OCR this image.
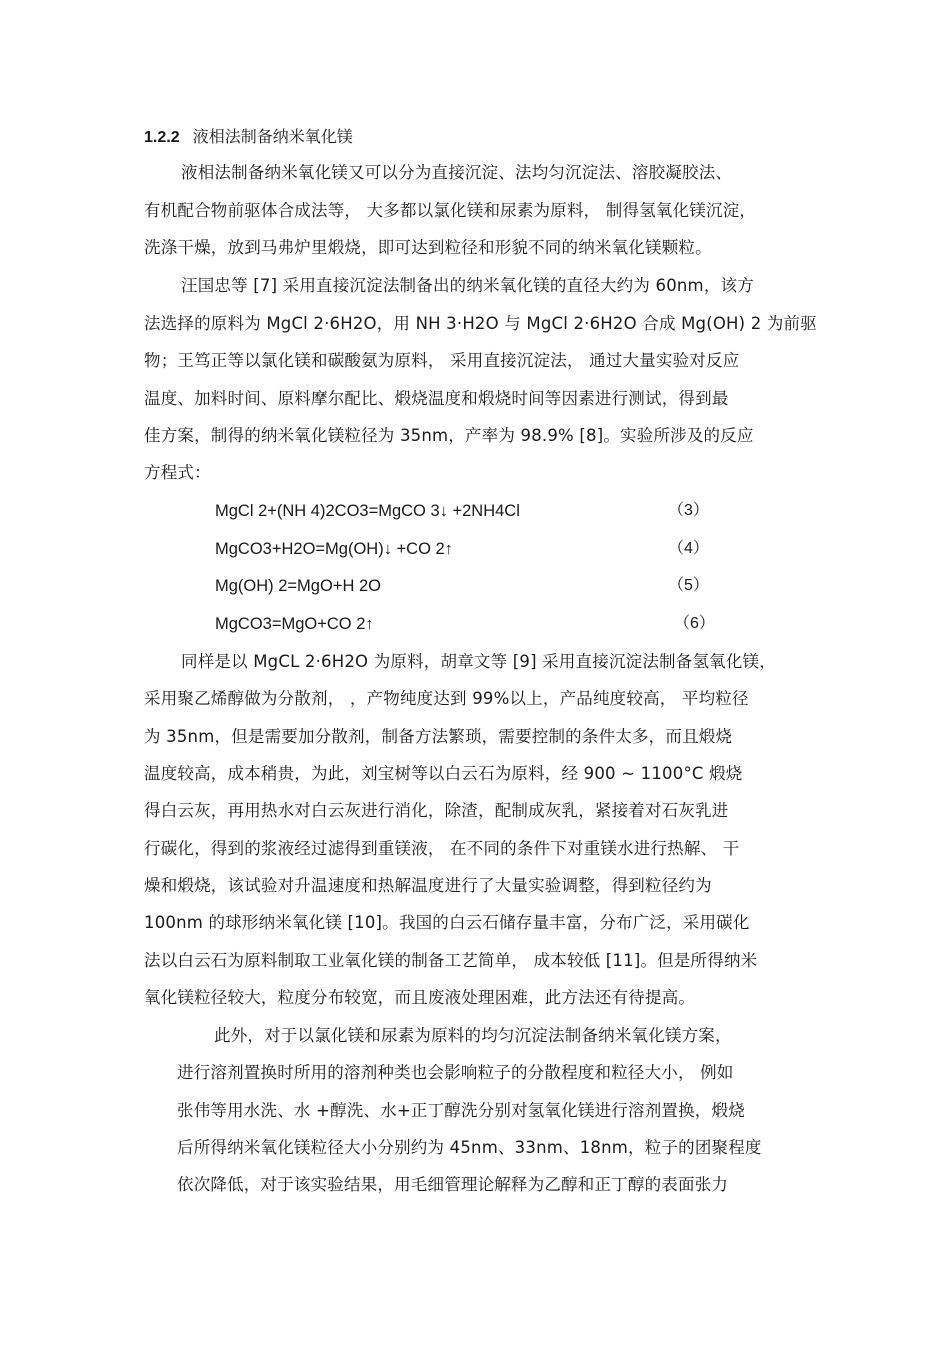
1.2.2 液相法制备纳米氧化镁
液相法制备纳米氧化镁又可以分为直接沉淀、法均匀沉淀法、溶胶凝胶法、
有机配合物前驱体合成法等， 大多都以氯化镁和尿素为原料， 制得氢氧化镁沉淀，
洗涤干燥，放到马弗炉里煅烧，即可达到粒径和形貌不同的纳米氧化镁颗粒。
汪国忠等 [7] 采用直接沉淀法制备出的纳米氧化镁的直径大约为 60nm，该方
法选择的原料为 MgCl 2·6H2O，用 NH 3·H2O 与 MgCl 2·6H2O 合成 Mg(OH) 2 为前驱
物；王笃正等以氯化镁和碳酸氨为原料， 采用直接沉淀法， 通过大量实验对反应
温度、加料时间、原料摩尔配比、煅烧温度和煅烧时间等因素进行测试，得到最
佳方案，制得的纳米氧化镁粒径为 35nm，产率为 98.9% [8]。实验所涉及的反应
方程式：
MgCl 2+(NH 4)2CO3=MgCO 3↓ +2NH4Cl	（3）
MgCO3+H2O=Mg(OH)↓ +CO 2↑	（4）
Mg(OH) 2=MgO+H 2O	（5）
MgCO3=MgO+CO 2↑	（6）
同样是以 MgCL 2·6H2O 为原料，胡章文等 [9] 采用直接沉淀法制备氢氧化镁，
采用聚乙烯醇做为分散剂， ，产物纯度达到 99%以上，产品纯度较高， 平均粒径
为 35nm，但是需要加分散剂，制备方法繁琐，需要控制的条件太多，而且煅烧
温度较高，成本稍贵，为此，刘宝树等以白云石为原料，经 900 ~ 1100°C 煅烧
得白云灰，再用热水对白云灰进行消化，除渣，配制成灰乳，紧接着对石灰乳进
行碳化，得到的浆液经过滤得到重镁液， 在不同的条件下对重镁水进行热解、 干
燥和煅烧，该试验对升温速度和热解温度进行了大量实验调整，得到粒径约为
100nm 的球形纳米氧化镁 [10]。我国的白云石储存量丰富，分布广泛，采用碳化
法以白云石为原料制取工业氧化镁的制备工艺简单， 成本较低 [11]。但是所得纳米
氧化镁粒径较大，粒度分布较宽，而且废液处理困难，此方法还有待提高。
此外，对于以氯化镁和尿素为原料的均匀沉淀法制备纳米氧化镁方案，
进行溶剂置换时所用的溶剂种类也会影响粒子的分散程度和粒径大小， 例如
张伟等用水洗、水 +醇洗、水+正丁醇洗分别对氢氧化镁进行溶剂置换，煅烧
后所得纳米氧化镁粒径大小分别约为 45nm、33nm、18nm，粒子的团聚程度
依次降低，对于该实验结果，用毛细管理论解释为乙醇和正丁醇的表面张力
